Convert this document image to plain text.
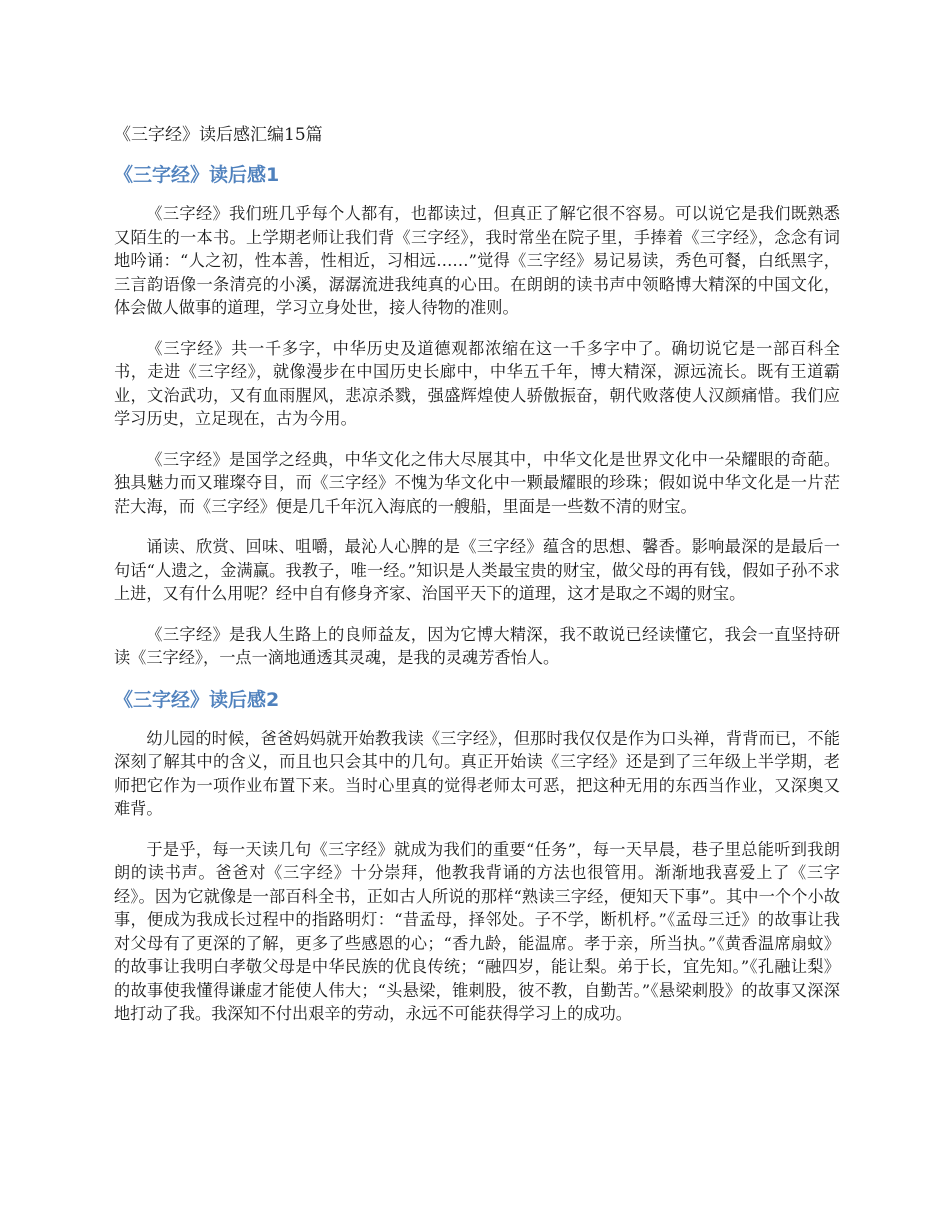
《三字经》读后感汇编15篇
《三字经》读后感1

《三字经》我们班几乎每个人都有，也都读过，但真正了解它很不容易。可以说它是我们既熟悉又陌生的一本书。上学期老师让我们背《三字经》，我时常坐在院子里，手捧着《三字经》，念念有词地吟诵：“人之初，性本善，性相近，习相远……”觉得《三字经》易记易读，秀色可餐，白纸黑字，三言韵语像一条清亮的小溪，潺潺流进我纯真的心田。在朗朗的读书声中领略博大精深的中国文化，体会做人做事的道理，学习立身处世，接人待物的准则。

《三字经》共一千多字，中华历史及道德观都浓缩在这一千多字中了。确切说它是一部百科全书，走进《三字经》，就像漫步在中国历史长廊中，中华五千年，博大精深，源远流长。既有王道霸业，文治武功，又有血雨腥风，悲凉杀戮，强盛辉煌使人骄傲振奋，朝代败落使人汉颜痛惜。我们应学习历史，立足现在，古为今用。

《三字经》是国学之经典，中华文化之伟大尽展其中，中华文化是世界文化中一朵耀眼的奇葩。独具魅力而又璀璨夺目，而《三字经》不愧为华文化中一颗最耀眼的珍珠；假如说中华文化是一片茫茫大海，而《三字经》便是几千年沉入海底的一艘船，里面是一些数不清的财宝。

诵读、欣赏、回味、咀嚼，最沁人心脾的是《三字经》蕴含的思想、馨香。影响最深的是最后一句话“人遗之，金满赢。我教子，唯一经。”知识是人类最宝贵的财宝，做父母的再有钱，假如子孙不求上进，又有什么用呢？经中自有修身齐家、治国平天下的道理，这才是取之不竭的财宝。

《三字经》是我人生路上的良师益友，因为它博大精深，我不敢说已经读懂它，我会一直坚持研读《三字经》，一点一滴地通透其灵魂，是我的灵魂芳香怡人。

《三字经》读后感2

幼儿园的时候，爸爸妈妈就开始教我读《三字经》，但那时我仅仅是作为口头禅，背背而已，不能深刻了解其中的含义，而且也只会其中的几句。真正开始读《三字经》还是到了三年级上半学期，老师把它作为一项作业布置下来。当时心里真的觉得老师太可恶，把这种无用的东西当作业，又深奥又难背。

于是乎，每一天读几句《三字经》就成为我们的重要“任务”，每一天早晨，巷子里总能听到我朗朗的读书声。爸爸对《三字经》十分崇拜，他教我背诵的方法也很管用。渐渐地我喜爱上了《三字经》。因为它就像是一部百科全书，正如古人所说的那样“熟读三字经，便知天下事”。其中一个个小故事，便成为我成长过程中的指路明灯：“昔孟母，择邻处。子不学，断机杼。”《孟母三迁》的故事让我对父母有了更深的了解，更多了些感恩的心；“香九龄，能温席。孝于亲，所当执。”《黄香温席扇蚊》的故事让我明白孝敬父母是中华民族的优良传统；“融四岁，能让梨。弟于长，宜先知。”《孔融让梨》的故事使我懂得谦虚才能使人伟大；“头悬梁，锥刺股，彼不教，自勤苦。”《悬梁刺股》的故事又深深地打动了我。我深知不付出艰辛的劳动，永远不可能获得学习上的成功。
